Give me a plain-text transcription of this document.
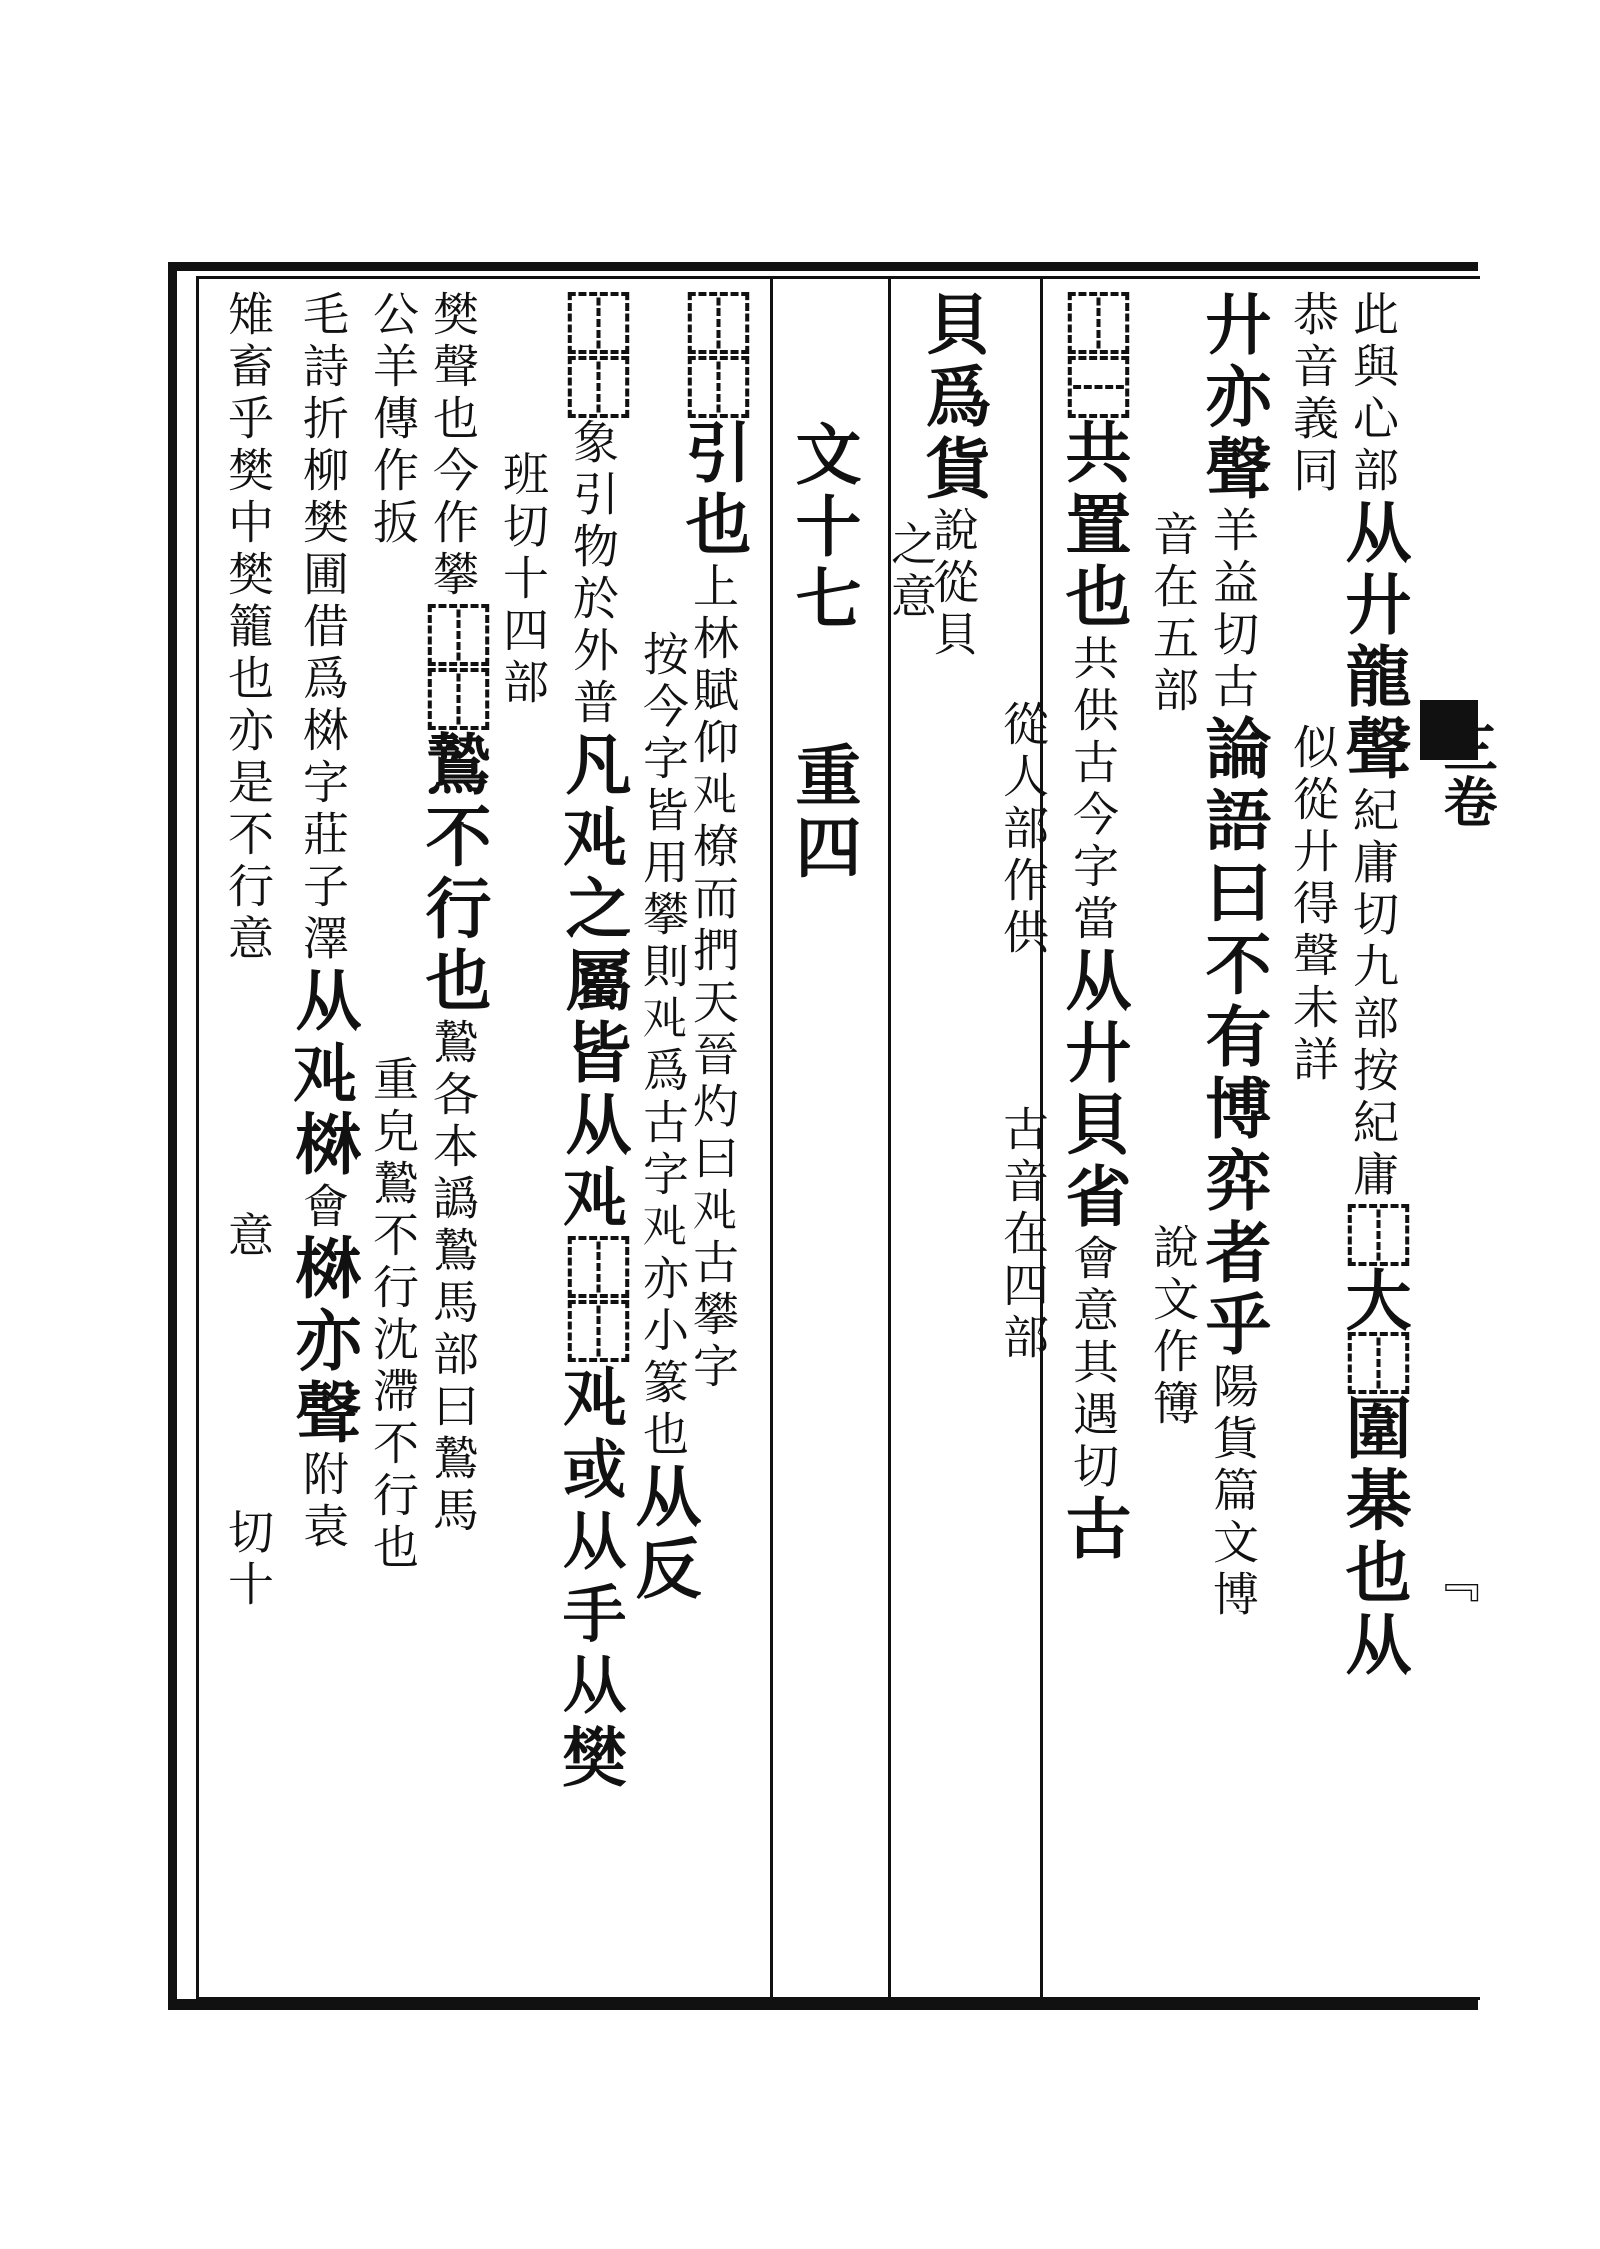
三卷
﹃
此與心部从廾龍聲紀庸切九部按紀庸⿰大⿰圍棊也从
恭音義同 似從廾得聲未詳
廾亦聲羊益切古論語曰不有博弈者乎陽貨篇文博
音在五部 說文作簙
⿰⿱共置也共供古今字當从廾貝省會意其遇切古
從人部作供 古音在四部
貝爲貨說從貝
之意
文十七 重四
⿰⿰引也上林賦仰𠬜橑而捫天晉灼曰𠬜古攀字
按今字皆用攀則𠬜爲古字𠬜亦小篆也从反
⿰⿰象引物於外普凡𠬜之屬皆从𠬜⿰⿰𠬜或从手从樊
班切十四部
樊聲也今作攀⿰⿰鷙不行也鷙各本譌鷙馬部曰鷙馬
公羊傳作扳 重皃鷙不行沈滯不行也
毛詩折柳樊圃借爲棥字莊子澤从𠬜棥會棥亦聲附袁
雉畜乎樊中樊籠也亦是不行意 意 切十
